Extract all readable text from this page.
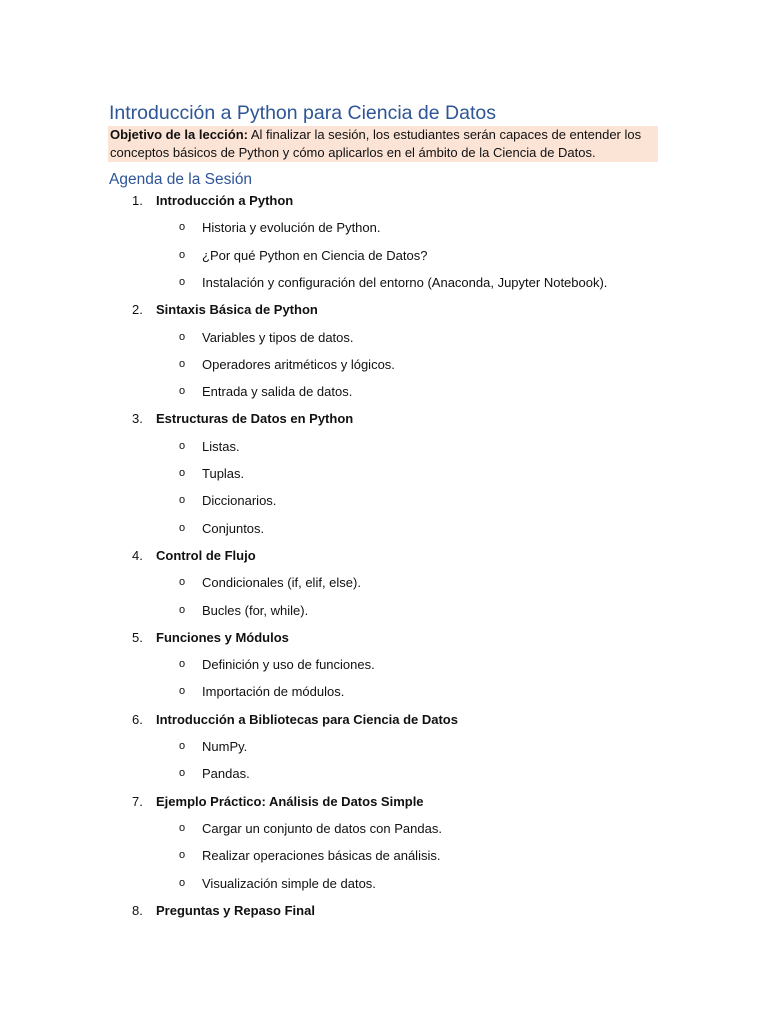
Introducción a Python para Ciencia de Datos
Objetivo de la lección: Al finalizar la sesión, los estudiantes serán capaces de entender los conceptos básicos de Python y cómo aplicarlos en el ámbito de la Ciencia de Datos.
Agenda de la Sesión
1. Introducción a Python
o Historia y evolución de Python.
o ¿Por qué Python en Ciencia de Datos?
o Instalación y configuración del entorno (Anaconda, Jupyter Notebook).
2. Sintaxis Básica de Python
o Variables y tipos de datos.
o Operadores aritméticos y lógicos.
o Entrada y salida de datos.
3. Estructuras de Datos en Python
o Listas.
o Tuplas.
o Diccionarios.
o Conjuntos.
4. Control de Flujo
o Condicionales (if, elif, else).
o Bucles (for, while).
5. Funciones y Módulos
o Definición y uso de funciones.
o Importación de módulos.
6. Introducción a Bibliotecas para Ciencia de Datos
o NumPy.
o Pandas.
7. Ejemplo Práctico: Análisis de Datos Simple
o Cargar un conjunto de datos con Pandas.
o Realizar operaciones básicas de análisis.
o Visualización simple de datos.
8. Preguntas y Repaso Final
